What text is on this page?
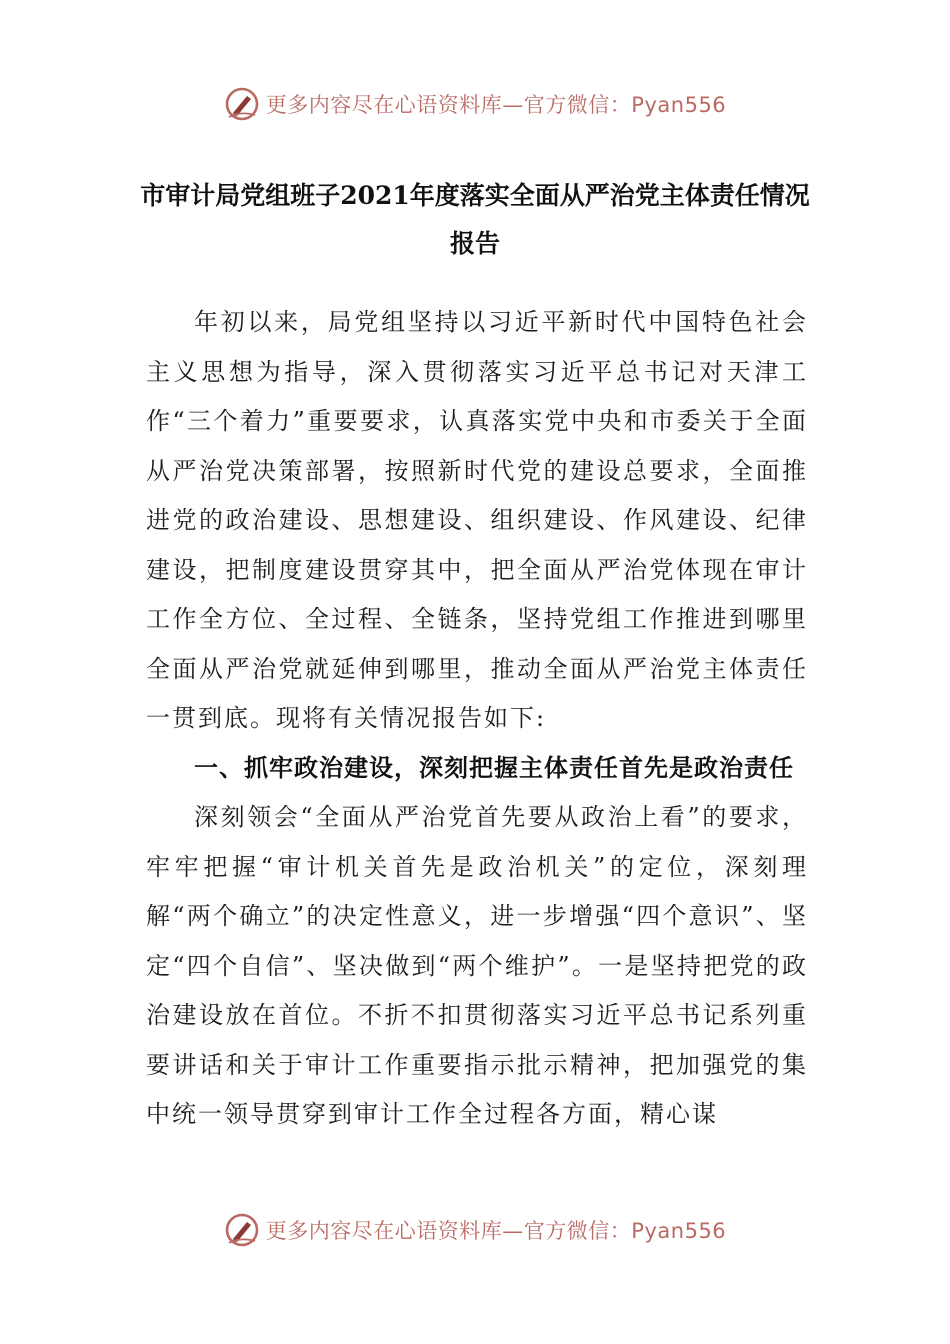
更多内容尽在心语资料库—官方微信：Pyan556
市审计局党组班子2021年度落实全面从严治党主体责任情况报告

年初以来，局党组坚持以习近平新时代中国特色社会主义思想为指导，深入贯彻落实习近平总书记对天津工作“三个着力”重要要求，认真落实党中央和市委关于全面从严治党决策部署，按照新时代党的建设总要求，全面推进党的政治建设、思想建设、组织建设、作风建设、纪律建设，把制度建设贯穿其中，把全面从严治党体现在审计工作全方位、全过程、全链条，坚持党组工作推进到哪里全面从严治党就延伸到哪里，推动全面从严治党主体责任一贯到底。现将有关情况报告如下:

一、抓牢政治建设，深刻把握主体责任首先是政治责任

深刻领会“全面从严治党首先要从政治上看”的要求，牢牢把握“审计机关首先是政治机关”的定位，深刻理解“两个确立”的决定性意义，进一步增强“四个意识”、坚定“四个自信”、坚决做到“两个维护”。一是坚持把党的政治建设放在首位。不折不扣贯彻落实习近平总书记系列重要讲话和关于审计工作重要指示批示精神，把加强党的集中统一领导贯穿到审计工作全过程各方面，精心谋

更多内容尽在心语资料库—官方微信：Pyan556
